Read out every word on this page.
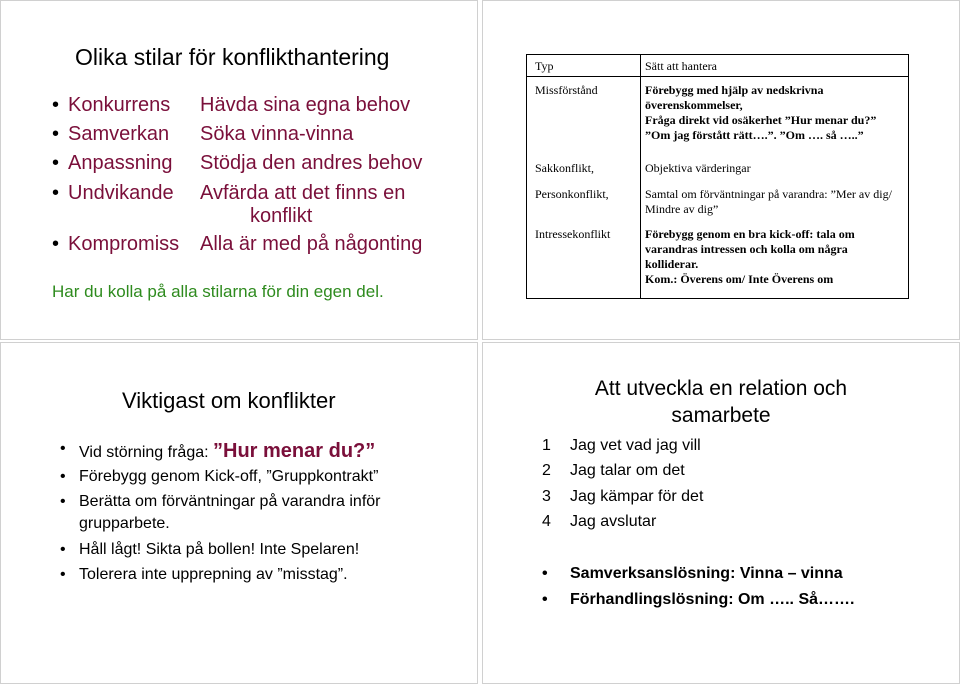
Olika stilar för konflikthantering
• Konkurrens Hävda sina egna behov
• Samverkan Söka vinna-vinna
• Anpassning Stödja den andres behov
• Undvikande Avfärda att det finns en
konflikt
• Kompromiss Alla är med på någonting
Har du kolla på alla stilarna för din egen del.
Typ	Sätt att hantera
Missförstånd	Förebygg med hjälp av nedskrivna överenskommelser,
Fråga direkt vid osäkerhet ”Hur menar du?” ”Om jag förstått rätt….”. ”Om …. så …..”
Sakkonflikt,	Objektiva värderingar
Personkonflikt,	Samtal om förväntningar på varandra: ”Mer av dig/ Mindre av dig”
Intressekonflikt	Förebygg genom en bra kick-off: tala om varandras intressen och kolla om några kolliderar.
Kom.: Överens om/ Inte Överens om
Viktigast om konflikter
• Vid störning fråga: ”Hur menar du?”
• Förebygg genom Kick-off, ”Gruppkontrakt”
• Berätta om förväntningar på varandra inför
grupparbete.
• Håll lågt! Sikta på bollen! Inte Spelaren!
• Tolerera inte upprepning av ”misstag”.
Att utveckla en relation och
samarbete
1 Jag vet vad jag vill
2 Jag talar om det
3 Jag kämpar för det
4 Jag avslutar
• Samverksanslösning: Vinna – vinna
• Förhandlingslösning: Om ….. Så…….
